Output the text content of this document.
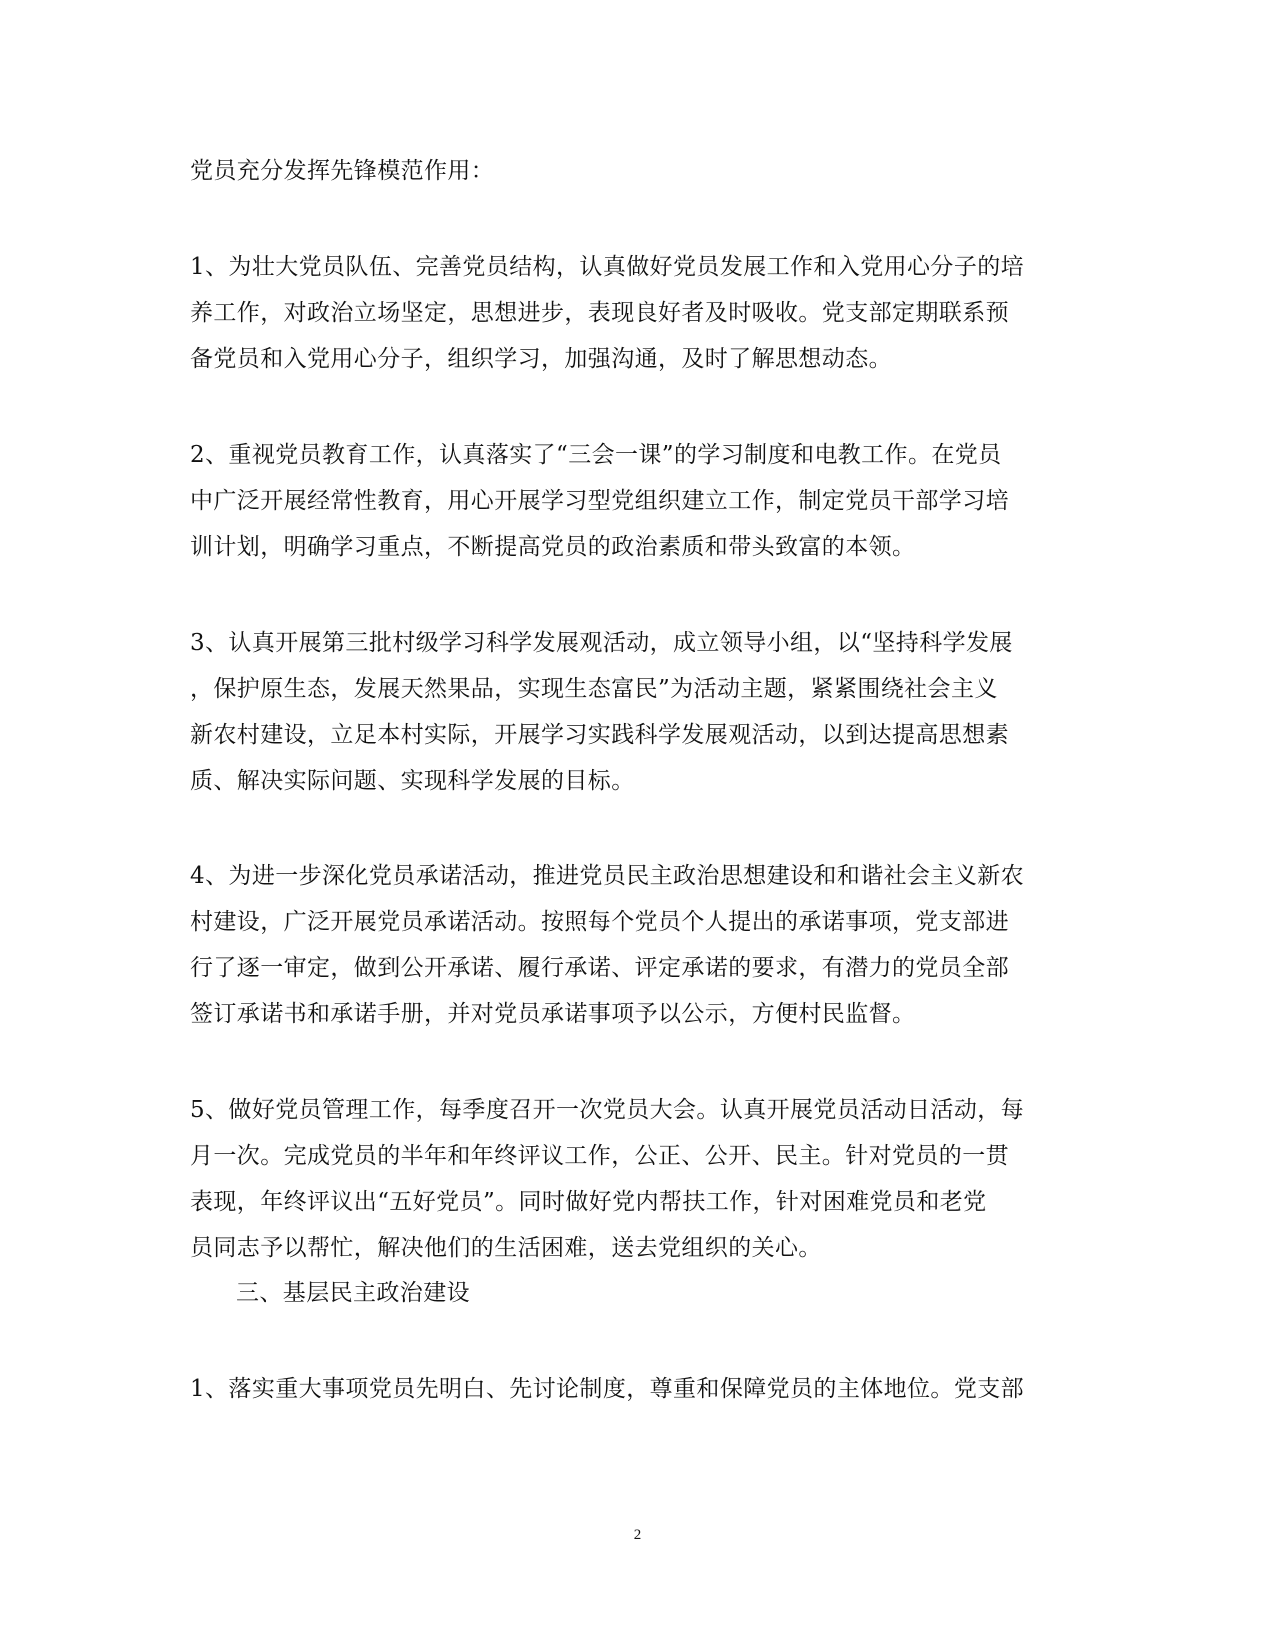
党员充分发挥先锋模范作用：
1、为壮大党员队伍、完善党员结构，认真做好党员发展工作和入党用心分子的培
养工作，对政治立场坚定，思想进步，表现良好者及时吸收。党支部定期联系预
备党员和入党用心分子，组织学习，加强沟通，及时了解思想动态。
2、重视党员教育工作，认真落实了“三会一课”的学习制度和电教工作。在党员
中广泛开展经常性教育，用心开展学习型党组织建立工作，制定党员干部学习培
训计划，明确学习重点，不断提高党员的政治素质和带头致富的本领。
3、认真开展第三批村级学习科学发展观活动，成立领导小组，以“坚持科学发展
，保护原生态，发展天然果品，实现生态富民”为活动主题，紧紧围绕社会主义
新农村建设，立足本村实际，开展学习实践科学发展观活动，以到达提高思想素
质、解决实际问题、实现科学发展的目标。
4、为进一步深化党员承诺活动，推进党员民主政治思想建设和和谐社会主义新农
村建设，广泛开展党员承诺活动。按照每个党员个人提出的承诺事项，党支部进
行了逐一审定，做到公开承诺、履行承诺、评定承诺的要求，有潜力的党员全部
签订承诺书和承诺手册，并对党员承诺事项予以公示，方便村民监督。
5、做好党员管理工作，每季度召开一次党员大会。认真开展党员活动日活动，每
月一次。完成党员的半年和年终评议工作，公正、公开、民主。针对党员的一贯
表现，年终评议出“五好党员”。同时做好党内帮扶工作，针对困难党员和老党
员同志予以帮忙，解决他们的生活困难，送去党组织的关心。
三、基层民主政治建设
1、落实重大事项党员先明白、先讨论制度，尊重和保障党员的主体地位。党支部
2
